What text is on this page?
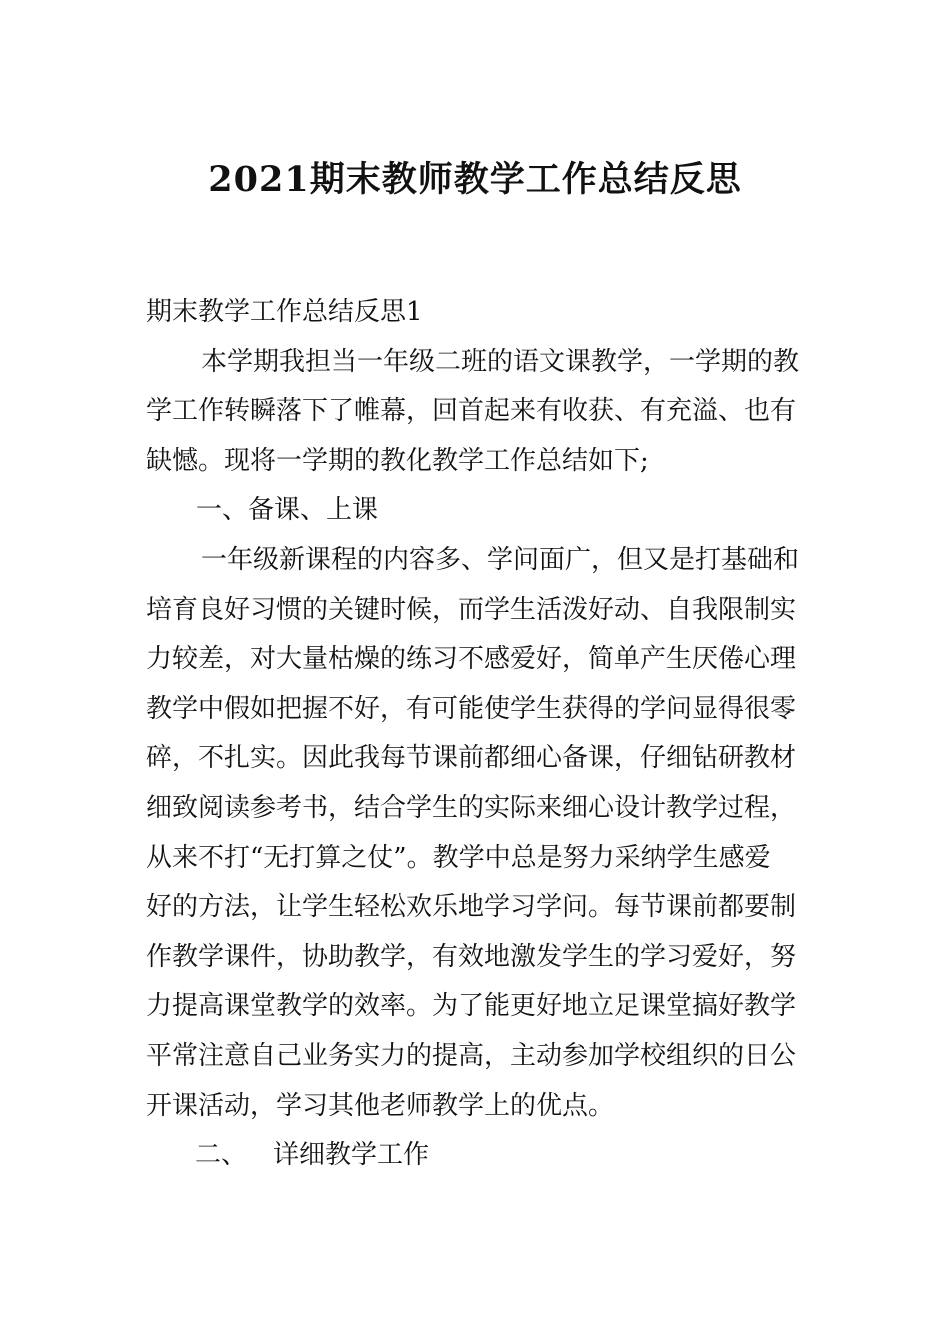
2021期末教师教学工作总结反思

期末教学工作总结反思1

本学期我担当一年级二班的语文课教学，一学期的教

学工作转瞬落下了帷幕，回首起来有收获、有充溢、也有

缺憾。现将一学期的教化教学工作总结如下;

一、备课、上课

一年级新课程的内容多、学问面广，但又是打基础和

培育良好习惯的关键时候，而学生活泼好动、自我限制实

力较差，对大量枯燥的练习不感爱好，简单产生厌倦心理

教学中假如把握不好，有可能使学生获得的学问显得很零

碎，不扎实。因此我每节课前都细心备课，仔细钻研教材

细致阅读参考书，结合学生的实际来细心设计教学过程，

从来不打“无打算之仗”。教学中总是努力采纳学生感爱

好的方法，让学生轻松欢乐地学习学问。每节课前都要制

作教学课件，协助教学，有效地激发学生的学习爱好，努

力提高课堂教学的效率。为了能更好地立足课堂搞好教学

平常注意自己业务实力的提高，主动参加学校组织的日公

开课活动，学习其他老师教学上的优点。

二、 详细教学工作
